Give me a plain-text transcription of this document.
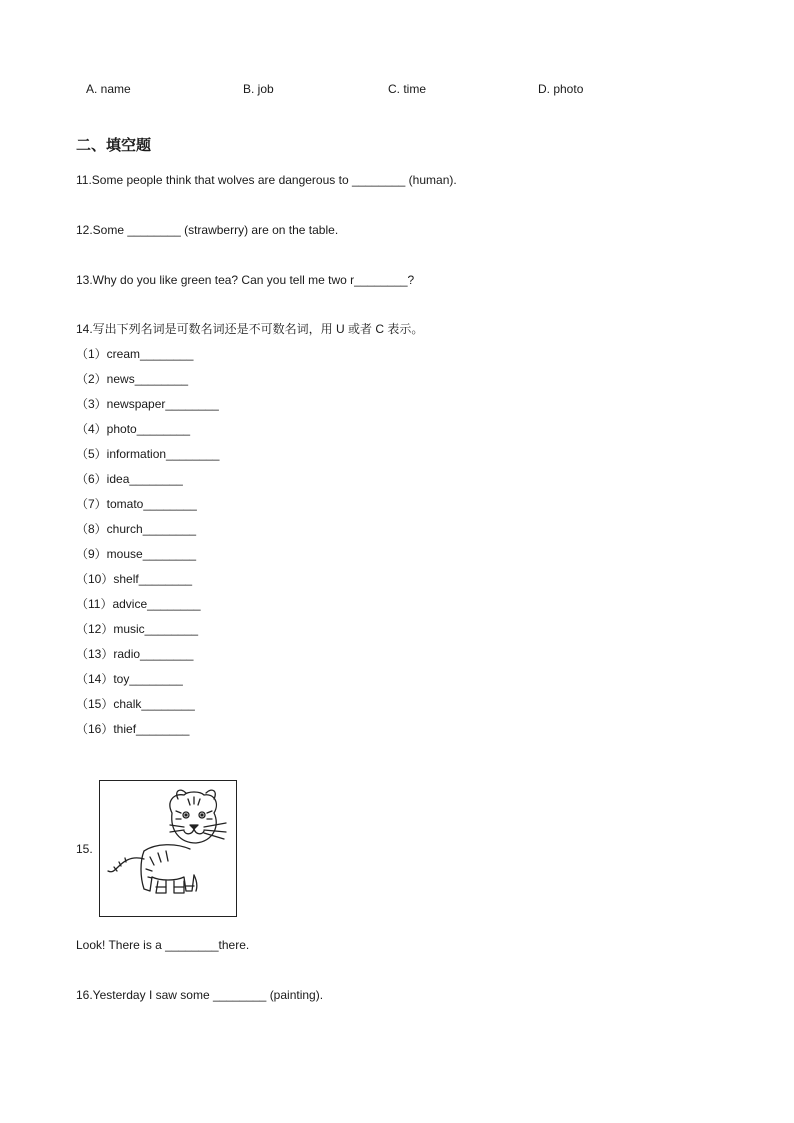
A. name	B. job	C. time	D. photo
二、填空题
11.Some people think that wolves are dangerous to ________ (human).
12.Some ________ (strawberry) are on the table.
13.Why do you like green tea? Can you tell me two r________?
14.写出下列名词是可数名词还是不可数名词，用 U 或者 C 表示。
（1）cream________
（2）news________
（3）newspaper________
（4）photo________
（5）information________
（6）idea________
（7）tomato________
（8）church________
（9）mouse________
（10）shelf________
（11）advice________
（12）music________
（13）radio________
（14）toy________
（15）chalk________
（16）thief________
15.
Look! There is a ________there.
16.Yesterday I saw some ________ (painting).
